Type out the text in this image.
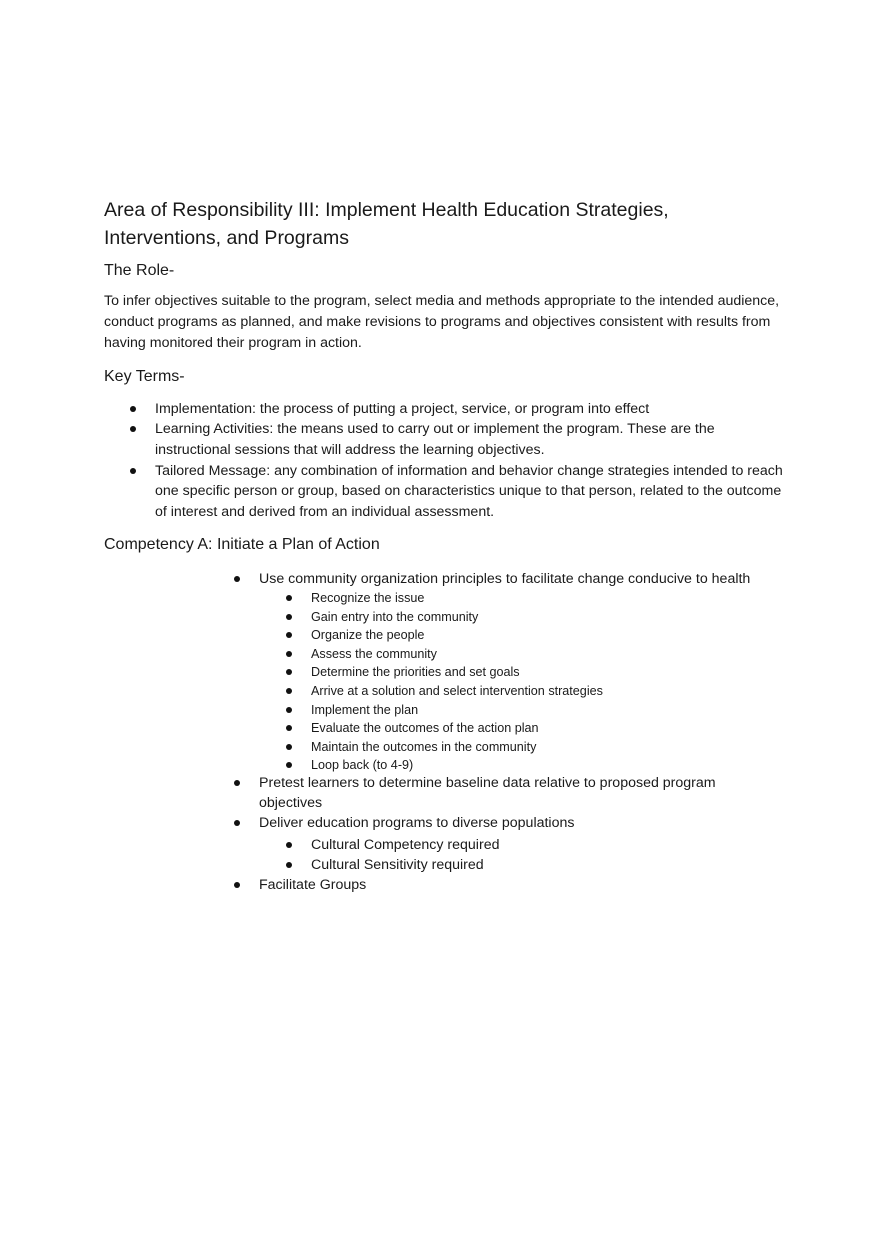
Area of Responsibility III: Implement Health Education Strategies, Interventions, and Programs
The Role-

To infer objectives suitable to the program, select media and methods appropriate to the intended audience, conduct programs as planned, and make revisions to programs and objectives consistent with results from having monitored their program in action.

Key Terms-
Implementation: the process of putting a project, service, or program into effect
Learning Activities: the means used to carry out or implement the program. These are the instructional sessions that will address the learning objectives.
Tailored Message: any combination of information and behavior change strategies intended to reach one specific person or group, based on characteristics unique to that person, related to the outcome of interest and derived from an individual assessment.
Competency A: Initiate a Plan of Action
Use community organization principles to facilitate change conducive to health
Recognize the issue
Gain entry into the community
Organize the people
Assess the community
Determine the priorities and set goals
Arrive at a solution and select intervention strategies
Implement the plan
Evaluate the outcomes of the action plan
Maintain the outcomes in the community
Loop back (to 4-9)
Pretest learners to determine baseline data relative to proposed program objectives
Deliver education programs to diverse populations
Cultural Competency required
Cultural Sensitivity required
Facilitate Groups
